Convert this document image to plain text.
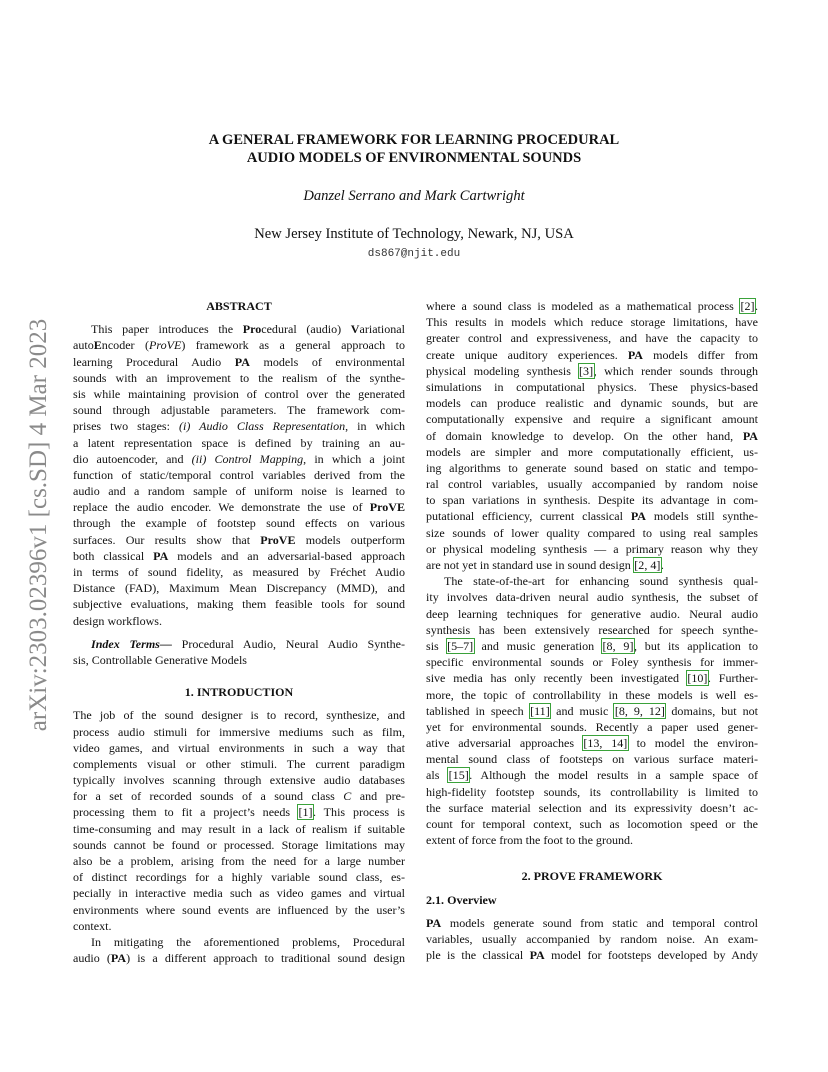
arXiv:2303.02396v1 [cs.SD] 4 Mar 2023
A GENERAL FRAMEWORK FOR LEARNING PROCEDURAL
AUDIO MODELS OF ENVIRONMENTAL SOUNDS
Danzel Serrano and Mark Cartwright
New Jersey Institute of Technology, Newark, NJ, USA
ds867@njit.edu
ABSTRACT
This paper introduces the Procedural (audio) Variational
autoEncoder (ProVE) framework as a general approach to
learning Procedural Audio PA models of environmental
sounds with an improvement to the realism of the synthe-
sis while maintaining provision of control over the generated
sound through adjustable parameters. The framework com-
prises two stages: (i) Audio Class Representation, in which
a latent representation space is defined by training an au-
dio autoencoder, and (ii) Control Mapping, in which a joint
function of static/temporal control variables derived from the
audio and a random sample of uniform noise is learned to
replace the audio encoder. We demonstrate the use of ProVE
through the example of footstep sound effects on various
surfaces. Our results show that ProVE models outperform
both classical PA models and an adversarial-based approach
in terms of sound fidelity, as measured by Fréchet Audio
Distance (FAD), Maximum Mean Discrepancy (MMD), and
subjective evaluations, making them feasible tools for sound
design workflows.
Index Terms— Procedural Audio, Neural Audio Synthe-
sis, Controllable Generative Models
1. INTRODUCTION
The job of the sound designer is to record, synthesize, and
process audio stimuli for immersive mediums such as film,
video games, and virtual environments in such a way that
complements visual or other stimuli. The current paradigm
typically involves scanning through extensive audio databases
for a set of recorded sounds of a sound class C and pre-
processing them to fit a project’s needs [1]. This process is
time-consuming and may result in a lack of realism if suitable
sounds cannot be found or processed. Storage limitations may
also be a problem, arising from the need for a large number
of distinct recordings for a highly variable sound class, es-
pecially in interactive media such as video games and virtual
environments where sound events are influenced by the user’s
context.
In mitigating the aforementioned problems, Procedural
audio (PA) is a different approach to traditional sound design
where a sound class is modeled as a mathematical process [2].
This results in models which reduce storage limitations, have
greater control and expressiveness, and have the capacity to
create unique auditory experiences. PA models differ from
physical modeling synthesis [3], which render sounds through
simulations in computational physics. These physics-based
models can produce realistic and dynamic sounds, but are
computationally expensive and require a significant amount
of domain knowledge to develop. On the other hand, PA
models are simpler and more computationally efficient, us-
ing algorithms to generate sound based on static and tempo-
ral control variables, usually accompanied by random noise
to span variations in synthesis. Despite its advantage in com-
putational efficiency, current classical PA models still synthe-
size sounds of lower quality compared to using real samples
or physical modeling synthesis — a primary reason why they
are not yet in standard use in sound design [2, 4].
The state-of-the-art for enhancing sound synthesis qual-
ity involves data-driven neural audio synthesis, the subset of
deep learning techniques for generative audio. Neural audio
synthesis has been extensively researched for speech synthe-
sis [5–7] and music generation [8, 9], but its application to
specific environmental sounds or Foley synthesis for immer-
sive media has only recently been investigated [10]. Further-
more, the topic of controllability in these models is well es-
tablished in speech [11] and music [8, 9, 12] domains, but not
yet for environmental sounds. Recently a paper used gener-
ative adversarial approaches [13, 14] to model the environ-
mental sound class of footsteps on various surface materi-
als [15]. Although the model results in a sample space of
high-fidelity footstep sounds, its controllability is limited to
the surface material selection and its expressivity doesn’t ac-
count for temporal context, such as locomotion speed or the
extent of force from the foot to the ground.
2. PROVE FRAMEWORK
2.1. Overview
PA models generate sound from static and temporal control
variables, usually accompanied by random noise. An exam-
ple is the classical PA model for footsteps developed by Andy
